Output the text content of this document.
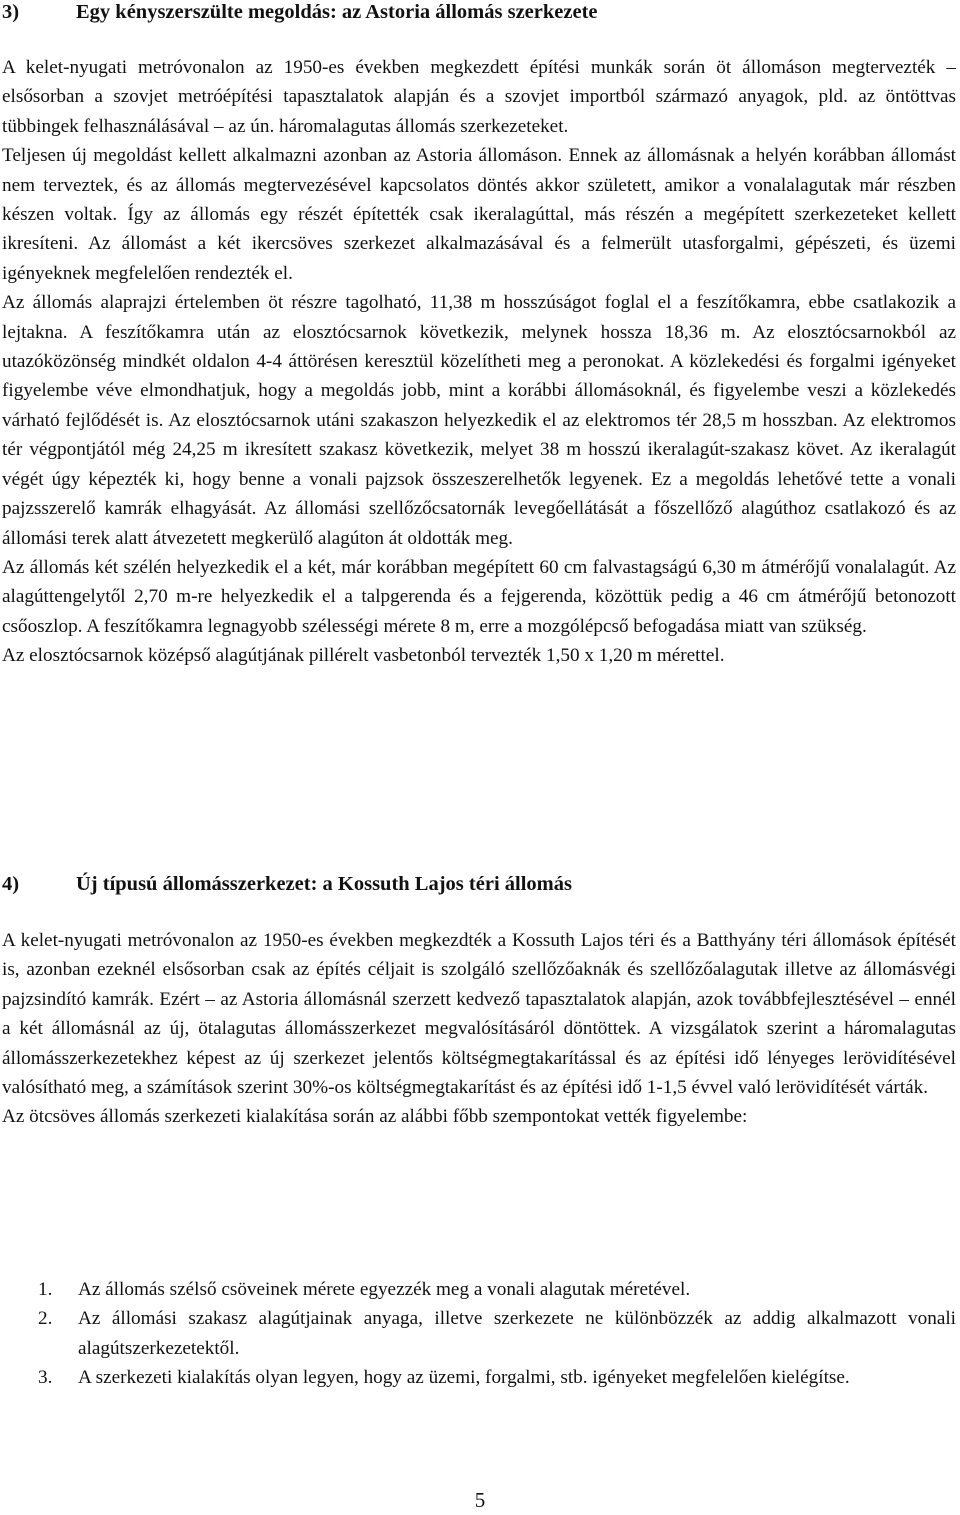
3)	Egy kényszerszülte megoldás: az Astoria állomás szerkezete

A kelet-nyugati metróvonalon az 1950-es években megkezdett építési munkák során öt állomáson megtervezték – elsősorban a szovjet metróépítési tapasztalatok alapján és a szovjet importból származó anyagok, pld. az öntöttvas tübbingek felhasználásával – az ún. háromalagutas állomás szerkezeteket.

Teljesen új megoldást kellett alkalmazni azonban az Astoria állomáson. Ennek az állomásnak a helyén korábban állomást nem terveztek, és az állomás megtervezésével kapcsolatos döntés akkor született, amikor a vonalalagutak már részben készen voltak. Így az állomás egy részét építették csak ikeralagúttal, más részén a megépített szerkezeteket kellett ikresíteni. Az állomást a két ikercsöves szerkezet alkalmazásával és a felmerült utasforgalmi, gépészeti, és üzemi igényeknek megfelelően rendezték el.

Az állomás alaprajzi értelemben öt részre tagolható, 11,38 m hosszúságot foglal el a feszítőkamra, ebbe csatlakozik a lejtakna. A feszítőkamra után az elosztócsarnok következik, melynek hossza 18,36 m. Az elosztócsarnokból az utazóközönség mindkét oldalon 4-4 áttörésen keresztül közelítheti meg a peronokat. A közlekedési és forgalmi igényeket figyelembe véve elmondhatjuk, hogy a megoldás jobb, mint a korábbi állomásoknál, és figyelembe veszi a közlekedés várható fejlődését is. Az elosztócsarnok utáni szakaszon helyezkedik el az elektromos tér 28,5 m hosszban. Az elektromos tér végpontjától még 24,25 m ikresített szakasz következik, melyet 38 m hosszú ikeralagút-szakasz követ. Az ikeralagút végét úgy képezték ki, hogy benne a vonali pajzsok összeszerelhetők legyenek. Ez a megoldás lehetővé tette a vonali pajzsszerelő kamrák elhagyását. Az állomási szellőzőcsatornák levegőellátását a főszellőző alagúthoz csatlakozó és az állomási terek alatt átvezetett megkerülő alagúton át oldották meg.

Az állomás két szélén helyezkedik el a két, már korábban megépített 60 cm falvastagságú 6,30 m átmérőjű vonalalagút. Az alagúttengelytől 2,70 m-re helyezkedik el a talpgerenda és a fejgerenda, közöttük pedig a 46 cm átmérőjű betonozott csőoszlop. A feszítőkamra legnagyobb szélességi mérete 8 m, erre a mozgólépcső befogadása miatt van szükség.

Az elosztócsarnok középső alagútjának pillérelt vasbetonból tervezték 1,50 x 1,20 m mérettel.

4)	Új típusú állomásszerkezet: a Kossuth Lajos téri állomás

A kelet-nyugati metróvonalon az 1950-es években megkezdték a Kossuth Lajos téri és a Batthyány téri állomások építését is, azonban ezeknél elsősorban csak az építés céljait is szolgáló szellőzőaknák és szellőzőalagutak illetve az állomásvégi pajzsindító kamrák. Ezért – az Astoria állomásnál szerzett kedvező tapasztalatok alapján, azok továbbfejlesztésével – ennél a két állomásnál az új, ötalagutas állomásszerkezet megvalósításáról döntöttek. A vizsgálatok szerint a háromalagutas állomásszerkezetekhez képest az új szerkezet jelentős költségmegtakarítással és az építési idő lényeges lerövidítésével valósítható meg, a számítások szerint 30%-os költségmegtakarítást és az építési idő 1-1,5 évvel való lerövidítését várták.

Az ötcsöves állomás szerkezeti kialakítása során az alábbi főbb szempontokat vették figyelembe:

1. Az állomás szélső csöveinek mérete egyezzék meg a vonali alagutak méretével.
2. Az állomási szakasz alagútjainak anyaga, illetve szerkezete ne különbözzék az addig alkalmazott vonali alagútszerkezetektől.
3. A szerkezeti kialakítás olyan legyen, hogy az üzemi, forgalmi, stb. igényeket megfelelően kielégítse.
5
